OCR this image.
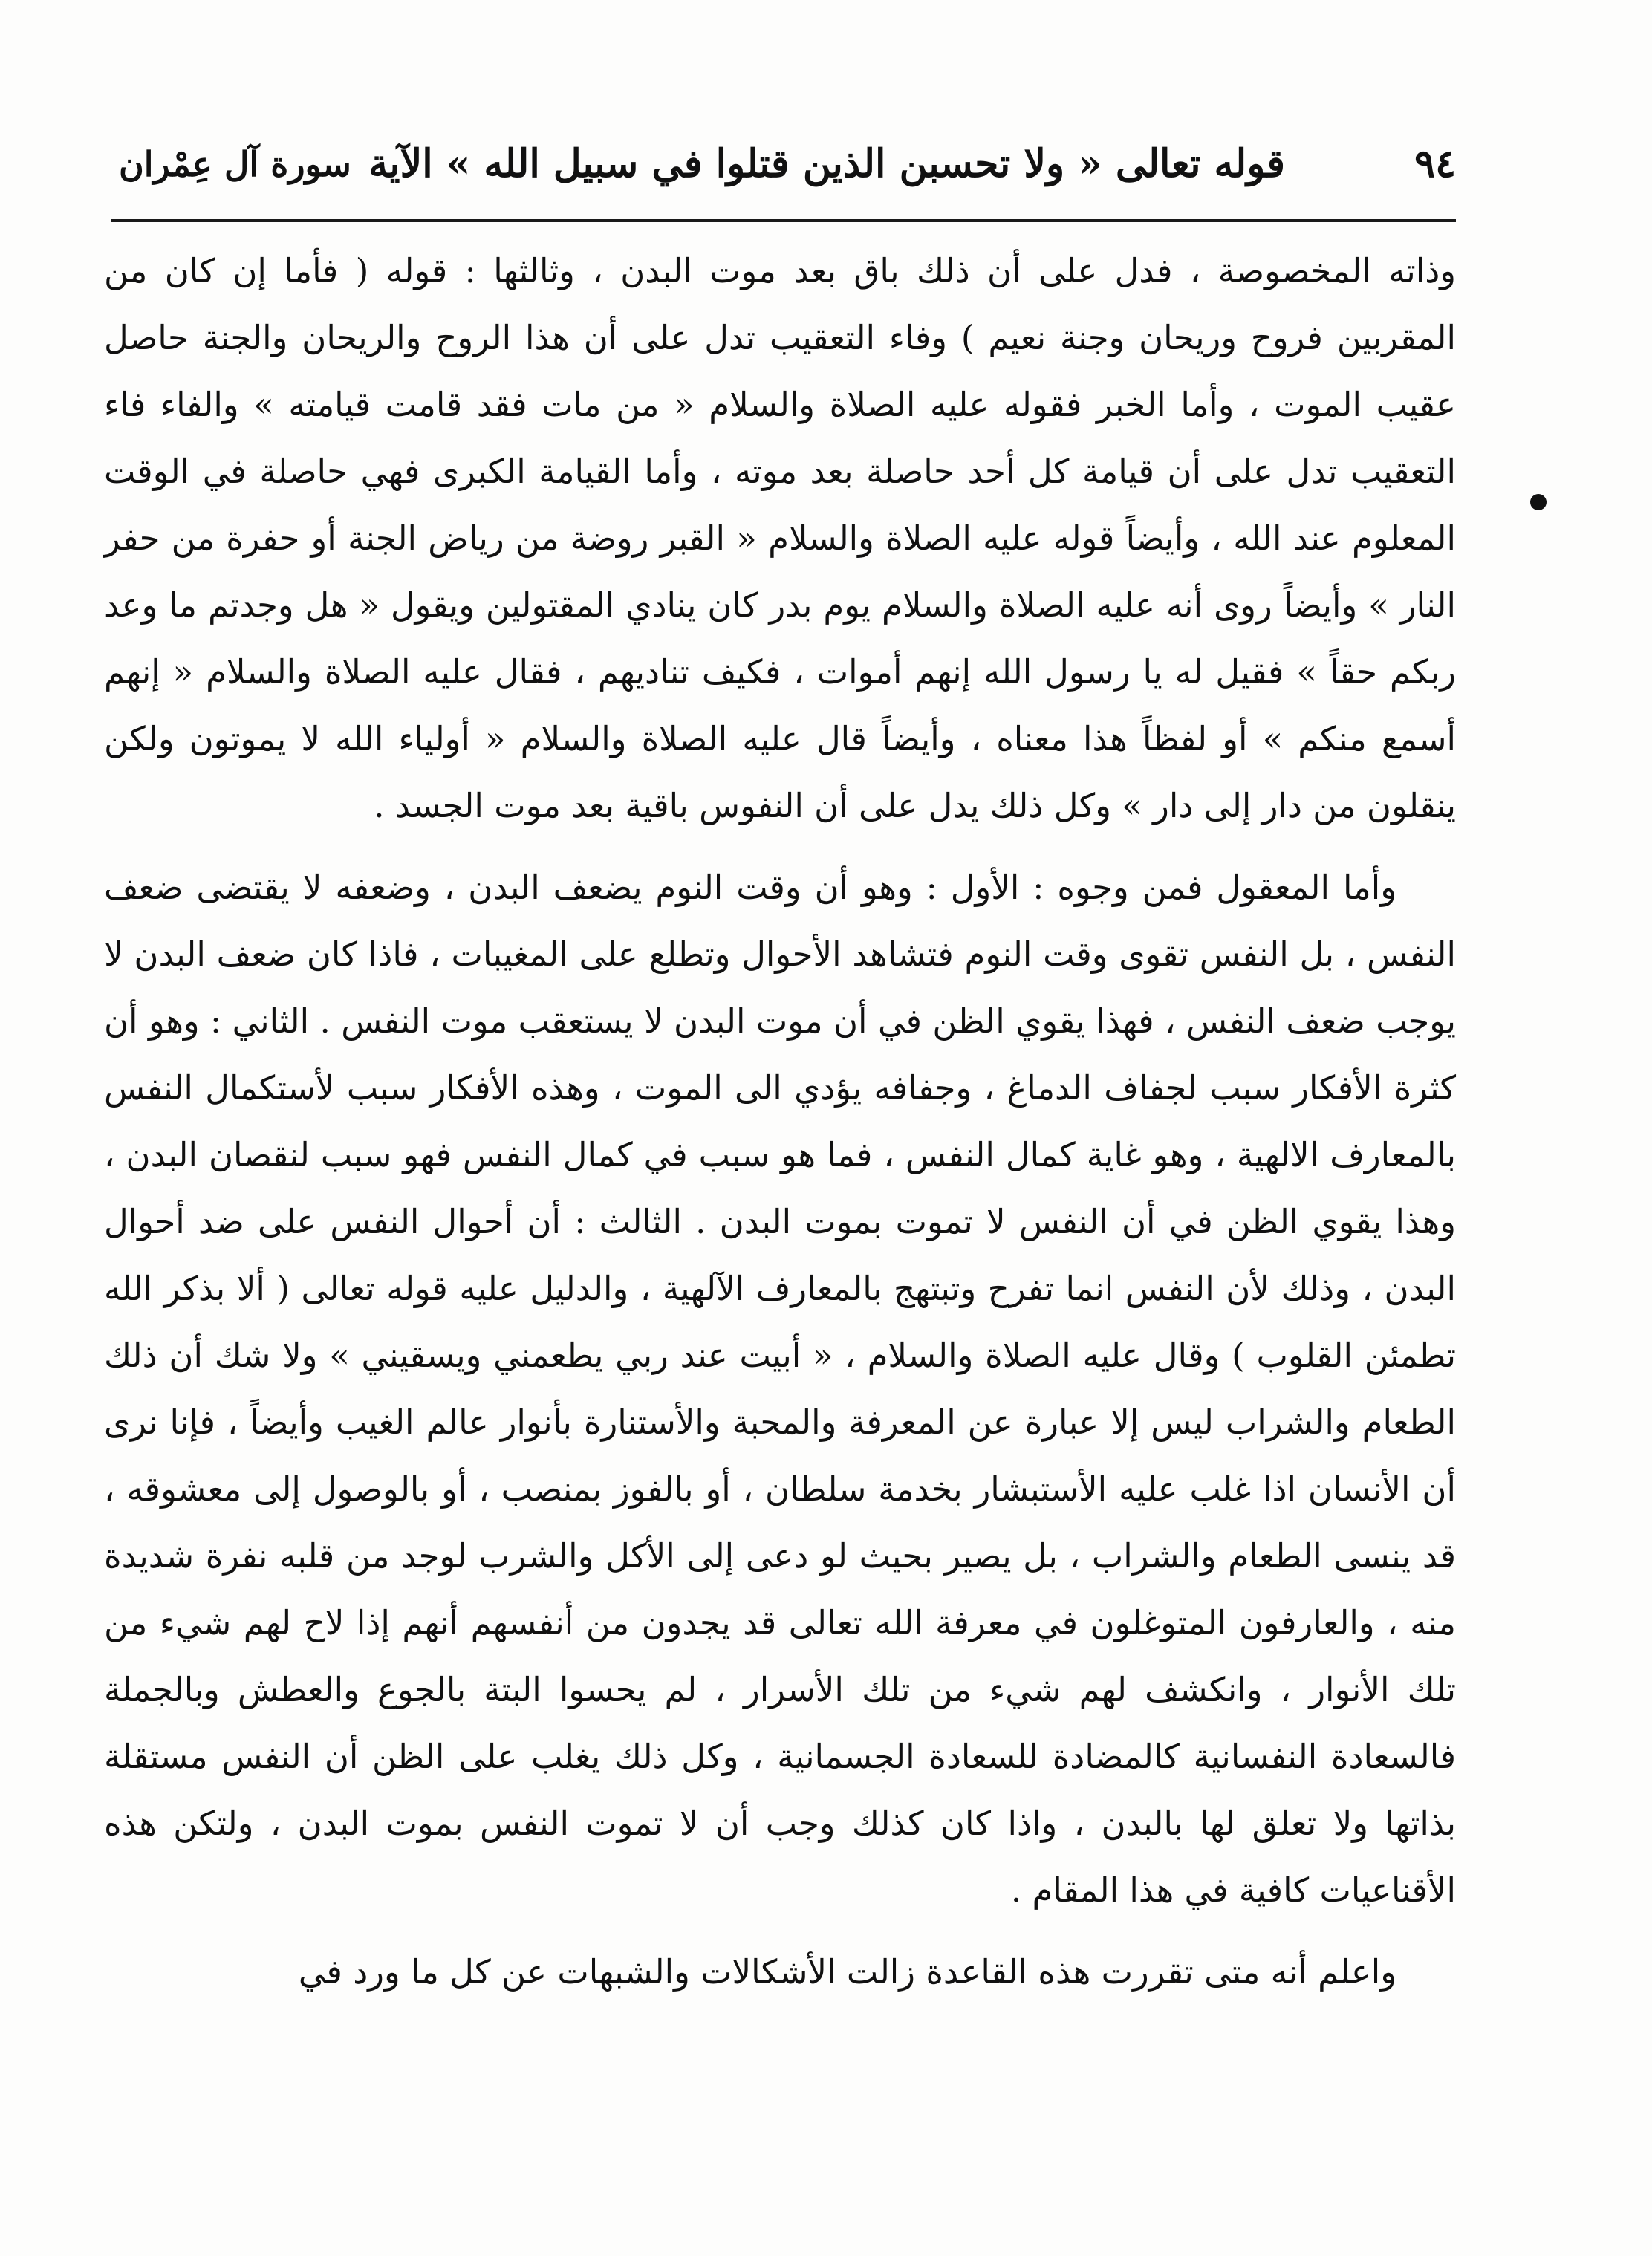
٩٤
قوله تعالى « ولا تحسبن الذين قتلوا في سبيل الله » الآية
سورة آل عِمْران

وذاته المخصوصة ، فدل على أن ذلك باق بعد موت البدن ، وثالثها : قوله ( فأما إن كان من المقربين فروح وريحان وجنة نعيم ) وفاء التعقيب تدل على أن هذا الروح والريحان والجنة حاصل عقيب الموت ، وأما الخبر فقوله عليه الصلاة والسلام « من مات فقد قامت قيامته » والفاء فاء التعقيب تدل على أن قيامة كل أحد حاصلة بعد موته ، وأما القيامة الكبرى فهي حاصلة في الوقت المعلوم عند الله ، وأيضاً قوله عليه الصلاة والسلام « القبر روضة من رياض الجنة أو حفرة من حفر النار » وأيضاً روى أنه عليه الصلاة والسلام يوم بدر كان ينادي المقتولين ويقول « هل وجدتم ما وعد ربكم حقاً » فقيل له يا رسول الله إنهم أموات ، فكيف تناديهم ، فقال عليه الصلاة والسلام « إنهم أسمع منكم » أو لفظاً هذا معناه ، وأيضاً قال عليه الصلاة والسلام « أولياء الله لا يموتون ولكن ينقلون من دار إلى دار » وكل ذلك يدل على أن النفوس باقية بعد موت الجسد .

وأما المعقول فمن وجوه : الأول : وهو أن وقت النوم يضعف البدن ، وضعفه لا يقتضى ضعف النفس ، بل النفس تقوى وقت النوم فتشاهد الأحوال وتطلع على المغيبات ، فاذا كان ضعف البدن لا يوجب ضعف النفس ، فهذا يقوي الظن في أن موت البدن لا يستعقب موت النفس . الثاني : وهو أن كثرة الأفكار سبب لجفاف الدماغ ، وجفافه يؤدي الى الموت ، وهذه الأفكار سبب لأستكمال النفس بالمعارف الالهية ، وهو غاية كمال النفس ، فما هو سبب في كمال النفس فهو سبب لنقصان البدن ، وهذا يقوي الظن في أن النفس لا تموت بموت البدن . الثالث : أن أحوال النفس على ضد أحوال البدن ، وذلك لأن النفس انما تفرح وتبتهج بالمعارف الآلهية ، والدليل عليه قوله تعالى ( ألا بذكر الله تطمئن القلوب ) وقال عليه الصلاة والسلام ، « أبيت عند ربي يطعمني ويسقيني » ولا شك أن ذلك الطعام والشراب ليس إلا عبارة عن المعرفة والمحبة والأستنارة بأنوار عالم الغيب وأيضاً ، فإنا نرى أن الأنسان اذا غلب عليه الأستبشار بخدمة سلطان ، أو بالفوز بمنصب ، أو بالوصول إلى معشوقه ، قد ينسى الطعام والشراب ، بل يصير بحيث لو دعى إلى الأكل والشرب لوجد من قلبه نفرة شديدة منه ، والعارفون المتوغلون في معرفة الله تعالى قد يجدون من أنفسهم أنهم إذا لاح لهم شيء من تلك الأنوار ، وانكشف لهم شيء من تلك الأسرار ، لم يحسوا البتة بالجوع والعطش وبالجملة فالسعادة النفسانية كالمضادة للسعادة الجسمانية ، وكل ذلك يغلب على الظن أن النفس مستقلة بذاتها ولا تعلق لها بالبدن ، واذا كان كذلك وجب أن لا تموت النفس بموت البدن ، ولتكن هذه الأقناعيات كافية في هذا المقام .

واعلم أنه متى تقررت هذه القاعدة زالت الأشكالات والشبهات عن كل ما ورد في
